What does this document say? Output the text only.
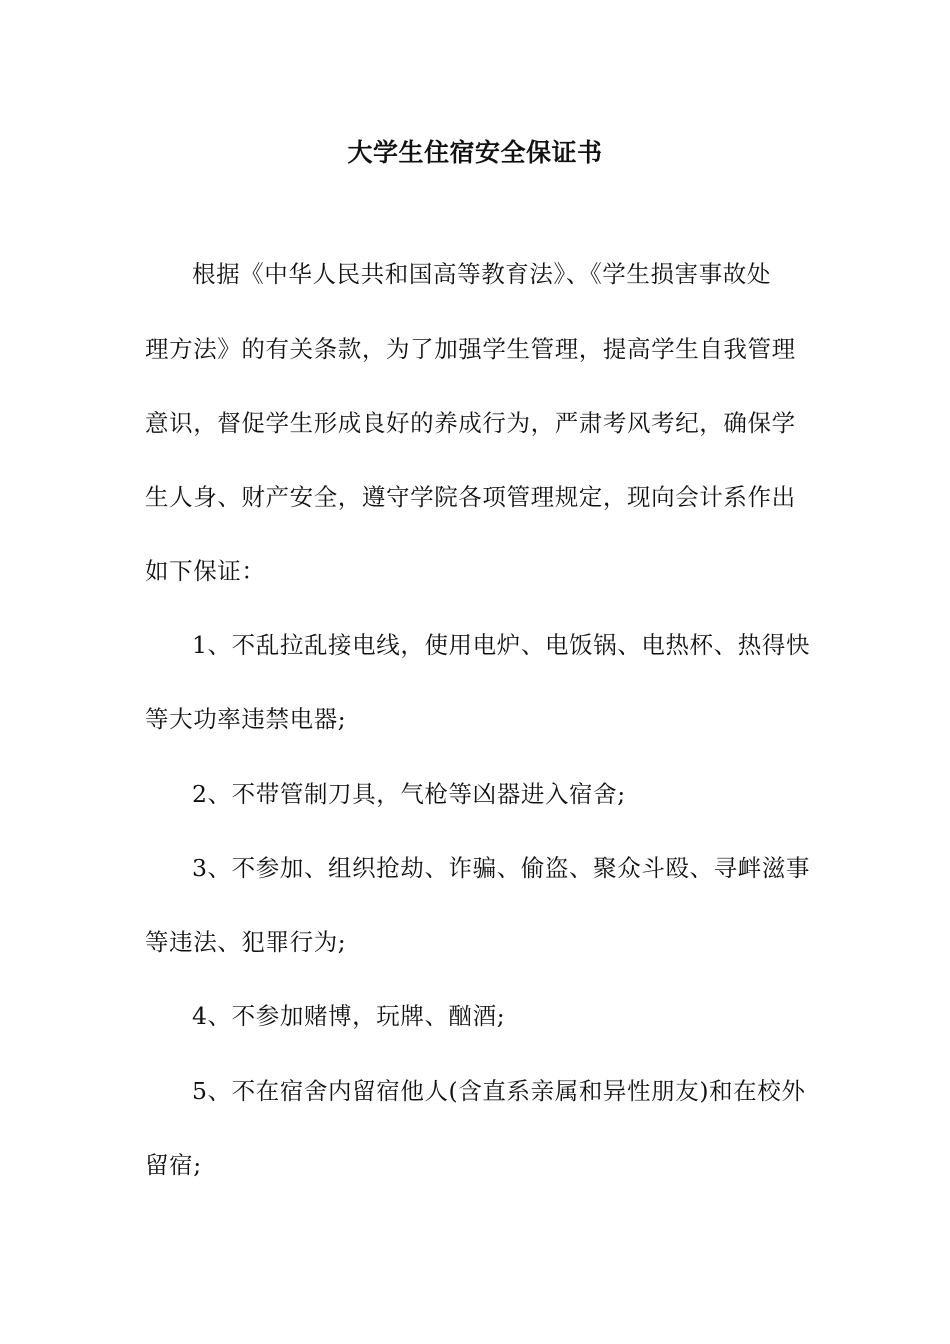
大学生住宿安全保证书
根据《中华人民共和国高等教育法》、《学生损害事故处
理方法》的有关条款，为了加强学生管理，提高学生自我管理
意识，督促学生形成良好的养成行为，严肃考风考纪，确保学
生人身、财产安全，遵守学院各项管理规定，现向会计系作出
如下保证：
1、不乱拉乱接电线，使用电炉、电饭锅、电热杯、热得快
等大功率违禁电器;
2、不带管制刀具，气枪等凶器进入宿舍;
3、不参加、组织抢劫、诈骗、偷盗、聚众斗殴、寻衅滋事
等违法、犯罪行为;
4、不参加赌博，玩牌、酗酒;
5、不在宿舍内留宿他人(含直系亲属和异性朋友)和在校外
留宿;
